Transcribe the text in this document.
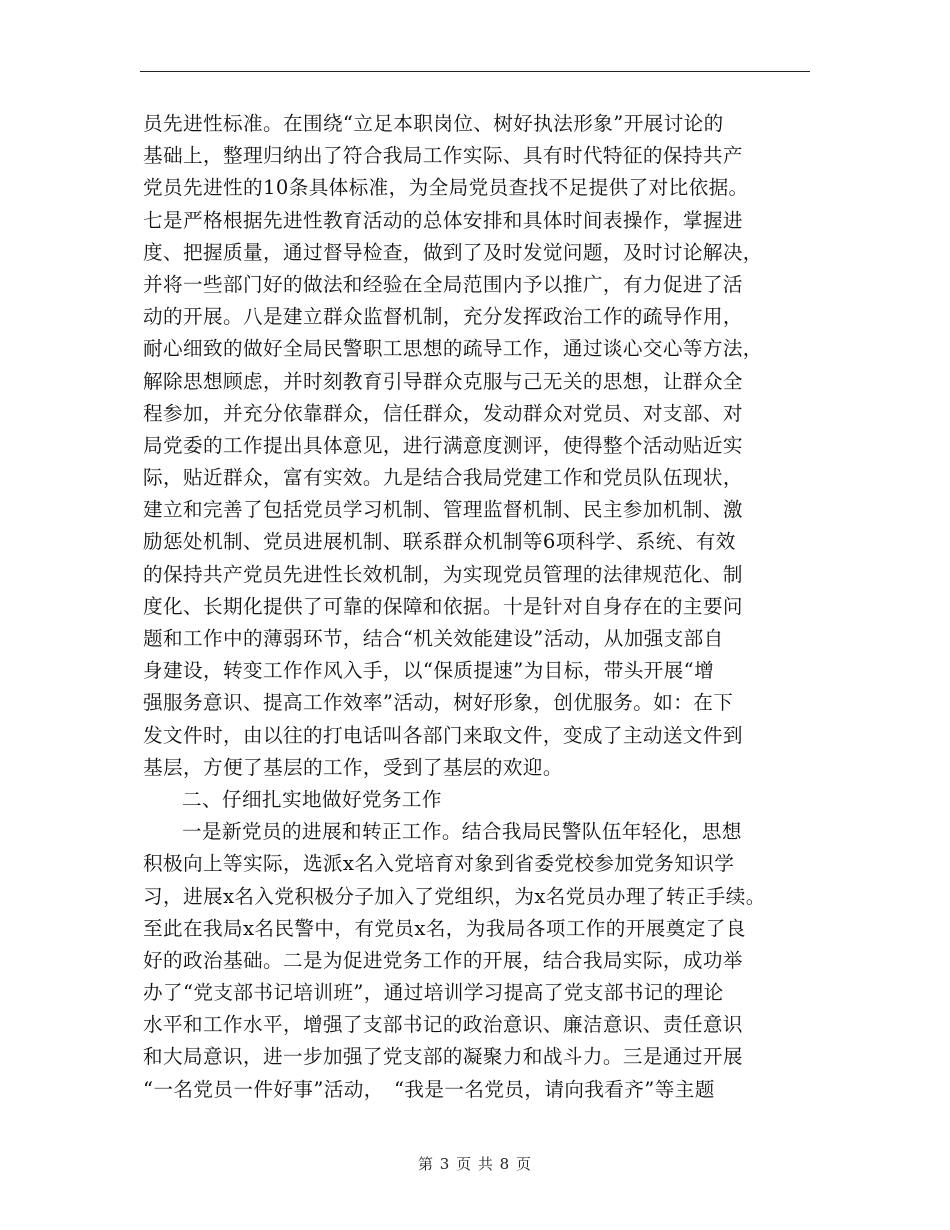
员先进性标准。在围绕“立足本职岗位、树好执法形象”开展讨论的
基础上，整理归纳出了符合我局工作实际、具有时代特征的保持共产
党员先进性的10条具体标准，为全局党员查找不足提供了对比依据。
七是严格根据先进性教育活动的总体安排和具体时间表操作，掌握进
度、把握质量，通过督导检查，做到了及时发觉问题，及时讨论解决，
并将一些部门好的做法和经验在全局范围内予以推广，有力促进了活
动的开展。八是建立群众监督机制，充分发挥政治工作的疏导作用，
耐心细致的做好全局民警职工思想的疏导工作，通过谈心交心等方法，
解除思想顾虑，并时刻教育引导群众克服与己无关的思想，让群众全
程参加，并充分依靠群众，信任群众，发动群众对党员、对支部、对
局党委的工作提出具体意见，进行满意度测评，使得整个活动贴近实
际，贴近群众，富有实效。九是结合我局党建工作和党员队伍现状，
建立和完善了包括党员学习机制、管理监督机制、民主参加机制、激
励惩处机制、党员进展机制、联系群众机制等6项科学、系统、有效
的保持共产党员先进性长效机制，为实现党员管理的法律规范化、制
度化、长期化提供了可靠的保障和依据。十是针对自身存在的主要问
题和工作中的薄弱环节，结合“机关效能建设”活动，从加强支部自
身建设，转变工作作风入手，以“保质提速”为目标，带头开展“增
强服务意识、提高工作效率”活动，树好形象，创优服务。如：在下
发文件时，由以往的打电话叫各部门来取文件，变成了主动送文件到
基层，方便了基层的工作，受到了基层的欢迎。
二、仔细扎实地做好党务工作
一是新党员的进展和转正工作。结合我局民警队伍年轻化，思想
积极向上等实际，选派x名入党培育对象到省委党校参加党务知识学
习，进展x名入党积极分子加入了党组织，为x名党员办理了转正手续。
至此在我局x名民警中，有党员x名，为我局各项工作的开展奠定了良
好的政治基础。二是为促进党务工作的开展，结合我局实际，成功举
办了“党支部书记培训班”，通过培训学习提高了党支部书记的理论
水平和工作水平，增强了支部书记的政治意识、廉洁意识、责任意识
和大局意识，进一步加强了党支部的凝聚力和战斗力。三是通过开展
“一名党员一件好事”活动，　“我是一名党员，请向我看齐”等主题
第 3 页 共 8 页
